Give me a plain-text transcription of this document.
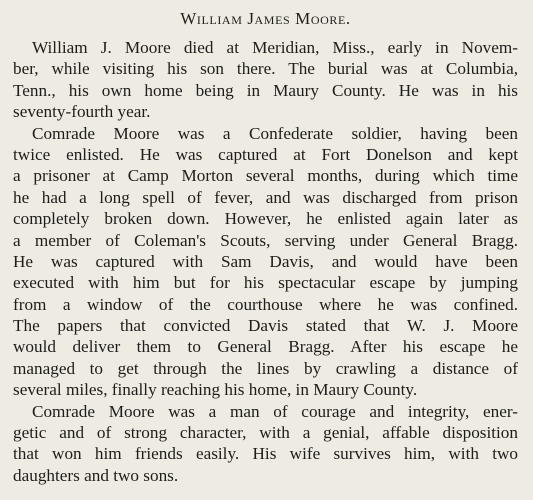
William James Moore.
William J. Moore died at Meridian, Miss., early in Novem-
ber, while visiting his son there. The burial was at Columbia,
Tenn., his own home being in Maury County. He was in his
seventy-fourth year.
Comrade Moore was a Confederate soldier, having been
twice enlisted. He was captured at Fort Donelson and kept
a prisoner at Camp Morton several months, during which time
he had a long spell of fever, and was discharged from prison
completely broken down. However, he enlisted again later as
a member of Coleman's Scouts, serving under General Bragg.
He was captured with Sam Davis, and would have been
executed with him but for his spectacular escape by jumping
from a window of the courthouse where he was confined.
The papers that convicted Davis stated that W. J. Moore
would deliver them to General Bragg. After his escape he
managed to get through the lines by crawling a distance of
several miles, finally reaching his home, in Maury County.
Comrade Moore was a man of courage and integrity, ener-
getic and of strong character, with a genial, affable disposition
that won him friends easily. His wife survives him, with two
daughters and two sons.
